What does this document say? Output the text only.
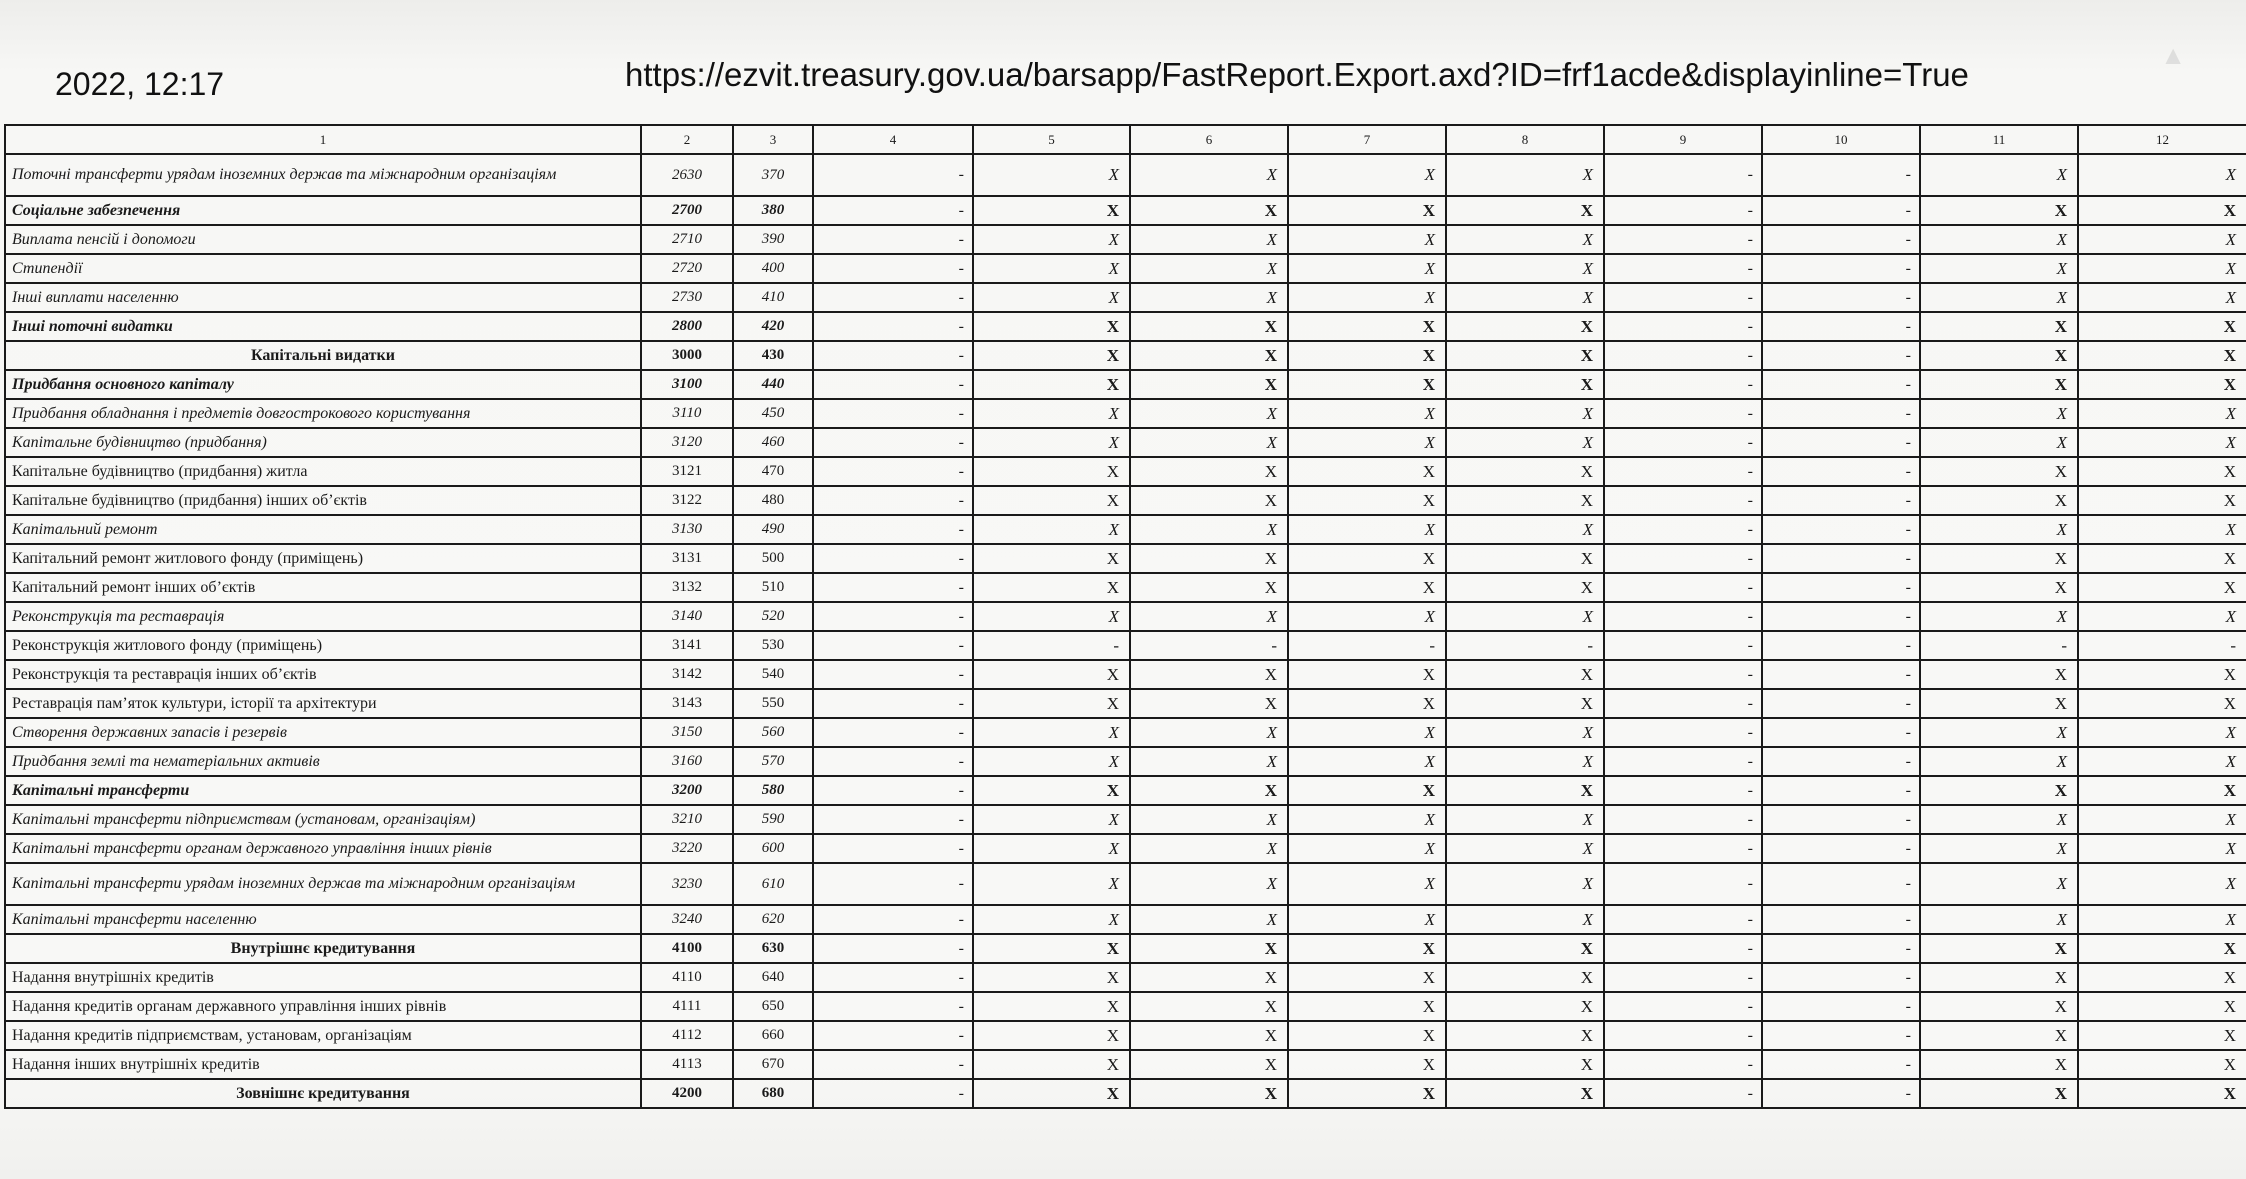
▲
2022, 12:17	https://ezvit.treasury.gov.ua/barsapp/FastReport.Export.axd?ID=frf1acde&displayinline=True
1	2	3	4	5	6	7	8	9	10	11	12
Поточні трансферти урядам іноземних держав та міжнародним організаціям	2630	370	-	X	X	X	X	-	-	X	X
Соціальне забезпечення	2700	380	-	X	X	X	X	-	-	X	X
Виплата пенсій і допомоги	2710	390	-	X	X	X	X	-	-	X	X
Стипендії	2720	400	-	X	X	X	X	-	-	X	X
Інші виплати населенню	2730	410	-	X	X	X	X	-	-	X	X
Інші поточні видатки	2800	420	-	X	X	X	X	-	-	X	X
Капітальні видатки	3000	430	-	X	X	X	X	-	-	X	X
Придбання основного капіталу	3100	440	-	X	X	X	X	-	-	X	X
Придбання обладнання і предметів довгострокового користування	3110	450	-	X	X	X	X	-	-	X	X
Капітальне будівництво (придбання)	3120	460	-	X	X	X	X	-	-	X	X
Капітальне будівництво (придбання) житла	3121	470	-	X	X	X	X	-	-	X	X
Капітальне будівництво (придбання) інших об’єктів	3122	480	-	X	X	X	X	-	-	X	X
Капітальний ремонт	3130	490	-	X	X	X	X	-	-	X	X
Капітальний ремонт житлового фонду (приміщень)	3131	500	-	X	X	X	X	-	-	X	X
Капітальний ремонт інших об’єктів	3132	510	-	X	X	X	X	-	-	X	X
Реконструкція та реставрація	3140	520	-	X	X	X	X	-	-	X	X
Реконструкція житлового фонду (приміщень)	3141	530	-	-	-	-	-	-	-	-	-
Реконструкція та реставрація інших об’єктів	3142	540	-	X	X	X	X	-	-	X	X
Реставрація пам’яток культури, історії та архітектури	3143	550	-	X	X	X	X	-	-	X	X
Створення державних запасів і резервів	3150	560	-	X	X	X	X	-	-	X	X
Придбання землі та нематеріальних активів	3160	570	-	X	X	X	X	-	-	X	X
Капітальні трансферти	3200	580	-	X	X	X	X	-	-	X	X
Капітальні трансферти підприємствам (установам, організаціям)	3210	590	-	X	X	X	X	-	-	X	X
Капітальні трансферти органам державного управління інших рівнів	3220	600	-	X	X	X	X	-	-	X	X
Капітальні трансферти урядам іноземних держав та міжнародним організаціям	3230	610	-	X	X	X	X	-	-	X	X
Капітальні трансферти населенню	3240	620	-	X	X	X	X	-	-	X	X
Внутрішнє кредитування	4100	630	-	X	X	X	X	-	-	X	X
Надання внутрішніх кредитів	4110	640	-	X	X	X	X	-	-	X	X
Надання кредитів органам державного управління інших рівнів	4111	650	-	X	X	X	X	-	-	X	X
Надання кредитів підприємствам, установам, організаціям	4112	660	-	X	X	X	X	-	-	X	X
Надання інших внутрішніх кредитів	4113	670	-	X	X	X	X	-	-	X	X
Зовнішнє кредитування	4200	680	-	X	X	X	X	-	-	X	X
